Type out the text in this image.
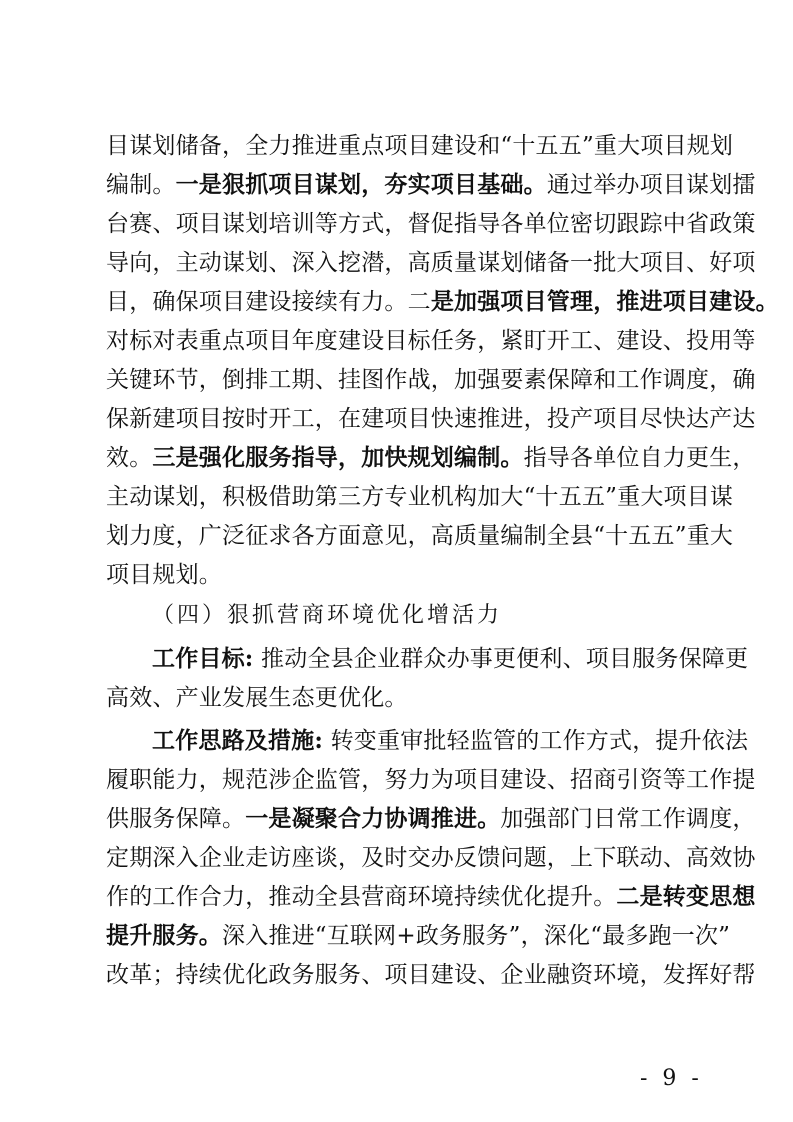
目谋划储备，全力推进重点项目建设和“十五五”重大项目规划
编制。一是狠抓项目谋划，夯实项目基础。通过举办项目谋划擂
台赛、项目谋划培训等方式，督促指导各单位密切跟踪中省政策
导向，主动谋划、深入挖潜，高质量谋划储备一批大项目、好项
目，确保项目建设接续有力。二是加强项目管理，推进项目建设。
对标对表重点项目年度建设目标任务，紧盯开工、建设、投用等
关键环节，倒排工期、挂图作战，加强要素保障和工作调度，确
保新建项目按时开工，在建项目快速推进，投产项目尽快达产达
效。三是强化服务指导，加快规划编制。指导各单位自力更生，
主动谋划，积极借助第三方专业机构加大“十五五”重大项目谋
划力度，广泛征求各方面意见，高质量编制全县“十五五”重大
项目规划。
（四）狠抓营商环境优化增活力
工作目标: 推动全县企业群众办事更便利、项目服务保障更
高效、产业发展生态更优化。
工作思路及措施: 转变重审批轻监管的工作方式，提升依法
履职能力，规范涉企监管，努力为项目建设、招商引资等工作提
供服务保障。一是凝聚合力协调推进。加强部门日常工作调度，
定期深入企业走访座谈，及时交办反馈问题，上下联动、高效协
作的工作合力，推动全县营商环境持续优化提升。二是转变思想
提升服务。深入推进“互联网+政务服务”，深化“最多跑一次”
改革；持续优化政务服务、项目建设、企业融资环境，发挥好帮
- 9 -
